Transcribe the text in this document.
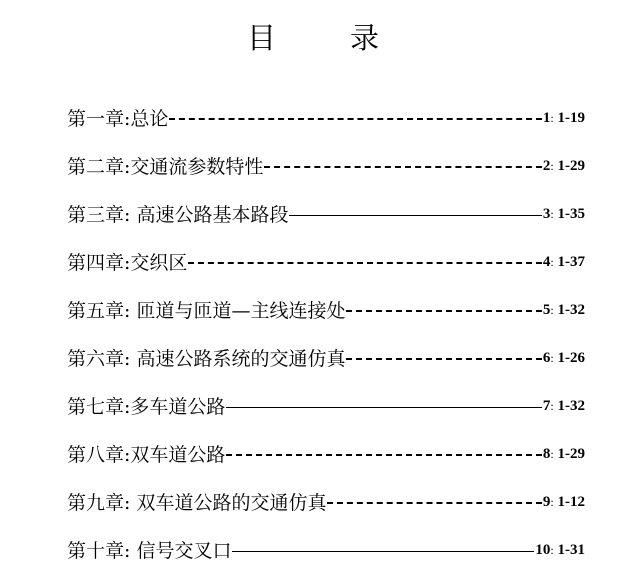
目	录
第一章:总论	1: 1-19
第二章:交通流参数特性	2: 1-29
第三章: 高速公路基本路段	3: 1-35
第四章:交织区	4: 1-37
第五章: 匝道与匝道—主线连接处	5: 1-32
第六章: 高速公路系统的交通仿真	6: 1-26
第七章:多车道公路	7: 1-32
第八章:双车道公路	8: 1-29
第九章: 双车道公路的交通仿真	9: 1-12
第十章: 信号交叉口	10: 1-31
